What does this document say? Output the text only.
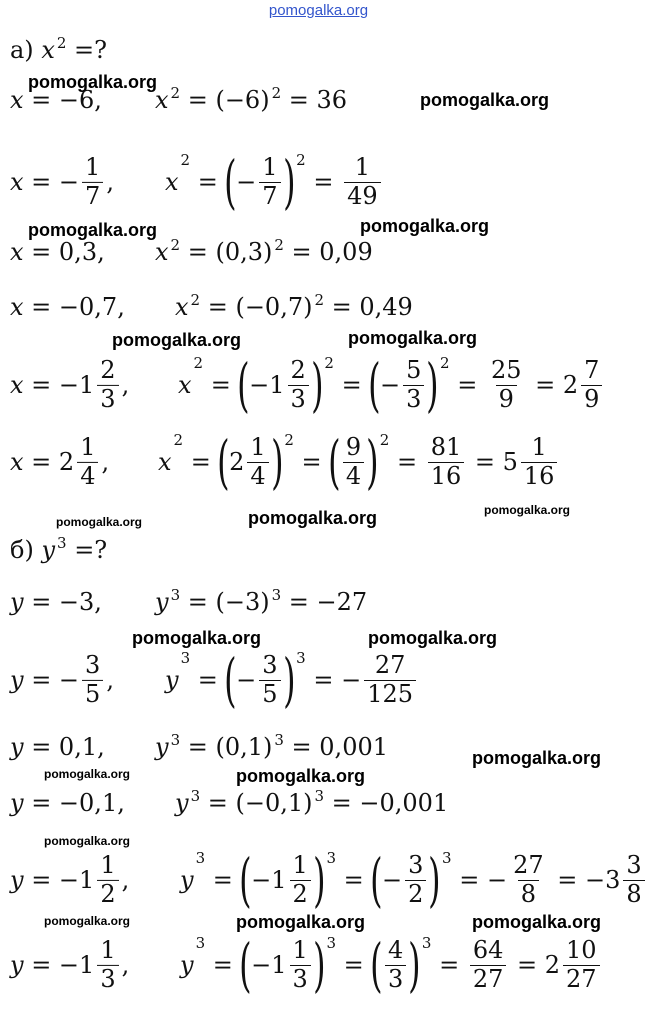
pomogalka.org
а) x 2 =?
б) y 3 =?
pomogalka.org
pomogalka.org
pomogalka.org	pomogalka.org
pomogalka.org
pomogalka.org
pomogalka.org	pomogalka.org	pomogalka.org
pomogalka.org	pomogalka.org
pomogalka.org	pomogalka.org
pomogalka.org
pomogalka.org
pomogalka.org	pomogalka.org	pomogalka.org
x = −6, x 2 = (−6) 2 = 36
x = − $\frac{1}{7}$ , x
2
= ( − $\frac{1}{7}$ ) 2
= $\frac{1}{49}$
x = 0,3, x 2 = (0,3) 2 = 0,09
x = −0,7, x 2 = (−0,7) 2 = 0,49
$x = -1 \frac{2}{3}$ , x
2
= ( $-1 \frac{2}{3}$ ) 2
= ( − $\frac{5}{3}$ ) 2
= $\frac{25}{9} = 2 \frac{7}{9}$
$x = 2 \frac{1}{4}$ , x
2
= ( $2 \frac{1}{4}$ ) 2
= ( $\frac{9}{4}$ ) 2
= $\frac{81}{16} = 5 \frac{1}{16}$
y = −3, y 3 = (−3) 3 = −27
y = − $\frac{3}{5}$ , y
3
= ( − $\frac{3}{5}$ ) 3
= − $\frac{27}{125}$
y = 0,1, y 3 = (0,1) 3 = 0,001
y = −0,1, y 3 = (−0,1) 3 = −0,001
$y = -1 \frac{1}{2}$ , y
3
= ( $-1 \frac{1}{2}$ ) 3
= ( − $\frac{3}{2}$ ) 3
= − $\frac{27}{8} = -3 \frac{3}{8}$
$y = -1 \frac{1}{3}$ , y
3
= ( $-1 \frac{1}{3}$ ) 3
= ( $\frac{4}{3}$ ) 3
= $\frac{64}{27} = 2 \frac{10}{27}$
